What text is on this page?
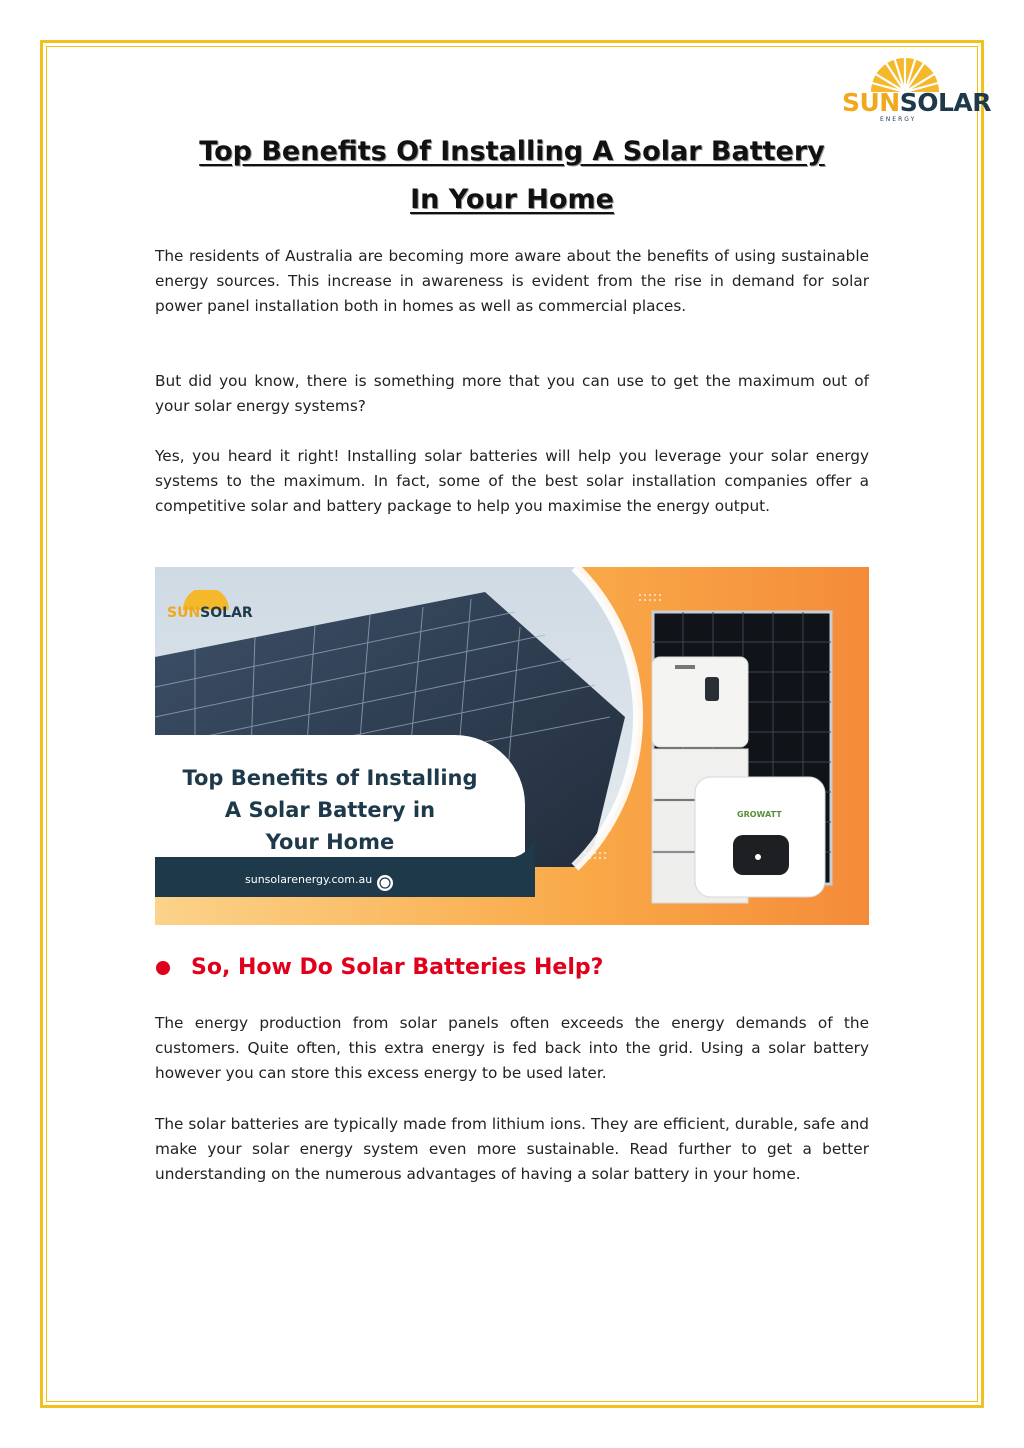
SUNSOLAR
ENERGY
Top Benefits Of Installing A Solar Battery
In Your Home

The residents of Australia are becoming more aware about the benefits of using sustainable energy sources. This increase in awareness is evident from the rise in demand for solar power panel installation both in homes as well as commercial places.

But did you know, there is something more that you can use to get the maximum out of your solar energy systems?

Yes, you heard it right! Installing solar batteries will help you leverage your solar energy systems to the maximum. In fact, some of the best solar installation companies offer a competitive solar and battery package to help you maximise the energy output.

GROWATT
SUNSOLAR
Top Benefits of Installing
A Solar Battery in
Your Home
sunsolarenergy.com.au
So, How Do Solar Batteries Help?

The energy production from solar panels often exceeds the energy demands of the customers. Quite often, this extra energy is fed back into the grid. Using a solar battery however you can store this excess energy to be used later.

The solar batteries are typically made from lithium ions. They are efficient, durable, safe and make your solar energy system even more sustainable. Read further to get a better understanding on the numerous advantages of having a solar battery in your home.
